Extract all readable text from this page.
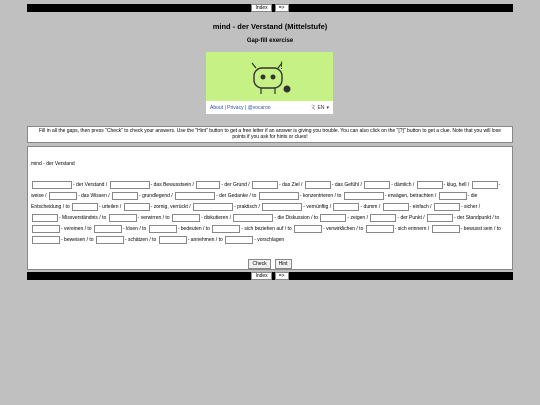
Index	=>
mind - der Verstand (Mittelstufe)
Gap-fill exercise
!
About | Privacy | @vocaroo	文 EN ▾
Fill in all the gaps, then press "Check" to check your answers. Use the "Hint" button to get a free letter if an answer is giving you trouble. You can also click on the "[?]" button to get a clue. Note that you will lose points if you ask for hints or clues!
mind - der Verstand
- der Verstand /	- das Bewusstsein /	- der Grund /	- das Ziel /	- das Gefühl /	- dämlich /	- klug, hell /	- weise /	- das Wissen /	- grundlegend /	- der Gedanke / to	- konzentrieren / to	- erwägen, betrachten /	- die Entscheidung / to	- urteilen /	- zornig, verrückt /	- praktisch /	- vernünftig /	- dumm /	- einfach /	- sicher / - Missverständnis / to	- verwirren / to	- diskutieren /	- die Diskussion / to	- zeigen /	- der Punkt /	- der Standpunkt / to - vereinen / to	- lösen / to	- bedeuten / to	- sich beziehen auf / to	- verwirklichen / to	- sich erinnern /	- bewusst sein / to - beweisen / to	- schätzen / to	- annehmen / to	- vorschlagen
Check	Hint
Index	=>
